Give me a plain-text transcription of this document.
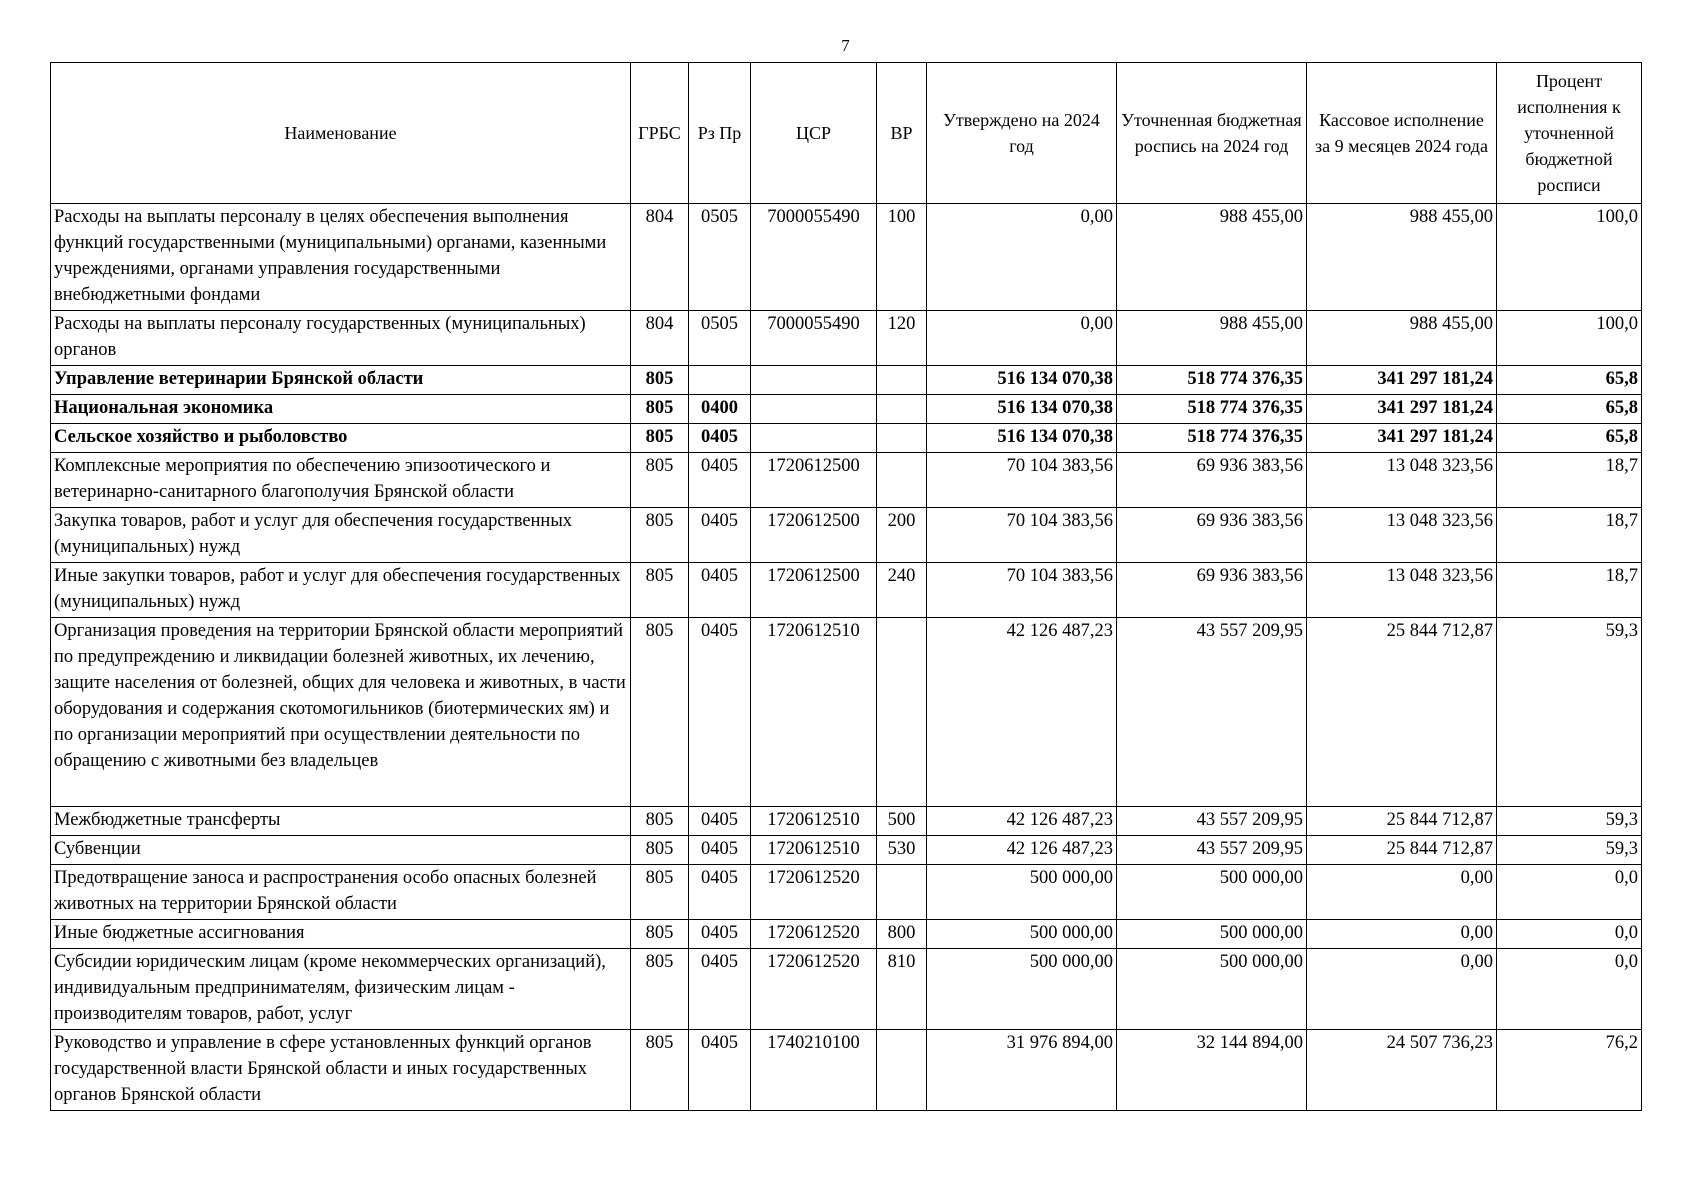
7
Наименование	ГРБС	Рз Пр	ЦСР	ВР	Утверждено на 2024 год	Уточненная бюджетная роспись на 2024 год	Кассовое исполнение за 9 месяцев 2024 года	Процент исполнения к уточненной бюджетной росписи
Расходы на выплаты персоналу в целях обеспечения выполнения функций государственными (муниципальными) органами, казенными учреждениями, органами управления государственными внебюджетными фондами	804	0505	7000055490	100	0,00	988 455,00	988 455,00	100,0
Расходы на выплаты персоналу государственных (муниципальных) органов	804	0505	7000055490	120	0,00	988 455,00	988 455,00	100,0
Управление ветеринарии Брянской области	805				516 134 070,38	518 774 376,35	341 297 181,24	65,8
Национальная экономика	805	0400			516 134 070,38	518 774 376,35	341 297 181,24	65,8
Сельское хозяйство и рыболовство	805	0405			516 134 070,38	518 774 376,35	341 297 181,24	65,8
Комплексные мероприятия по обеспечению эпизоотического и ветеринарно-санитарного благополучия Брянской области	805	0405	1720612500		70 104 383,56	69 936 383,56	13 048 323,56	18,7
Закупка товаров, работ и услуг для обеспечения государственных (муниципальных) нужд	805	0405	1720612500	200	70 104 383,56	69 936 383,56	13 048 323,56	18,7
Иные закупки товаров, работ и услуг для обеспечения государственных (муниципальных) нужд	805	0405	1720612500	240	70 104 383,56	69 936 383,56	13 048 323,56	18,7
Организация проведения на территории Брянской области мероприятий по предупреждению и ликвидации болезней животных, их лечению, защите населения от болезней, общих для человека и животных, в части оборудования и содержания скотомогильников (биотермических ям) и по организации мероприятий при осуществлении деятельности по обращению с животными без владельцев	805	0405	1720612510		42 126 487,23	43 557 209,95	25 844 712,87	59,3
Межбюджетные трансферты	805	0405	1720612510	500	42 126 487,23	43 557 209,95	25 844 712,87	59,3
Субвенции	805	0405	1720612510	530	42 126 487,23	43 557 209,95	25 844 712,87	59,3
Предотвращение заноса и распространения особо опасных болезней животных на территории Брянской области	805	0405	1720612520		500 000,00	500 000,00	0,00	0,0
Иные бюджетные ассигнования	805	0405	1720612520	800	500 000,00	500 000,00	0,00	0,0
Субсидии юридическим лицам (кроме некоммерческих организаций), индивидуальным предпринимателям, физическим лицам - производителям товаров, работ, услуг	805	0405	1720612520	810	500 000,00	500 000,00	0,00	0,0
Руководство и управление в сфере установленных функций органов государственной власти Брянской области и иных государственных органов Брянской области	805	0405	1740210100		31 976 894,00	32 144 894,00	24 507 736,23	76,2
